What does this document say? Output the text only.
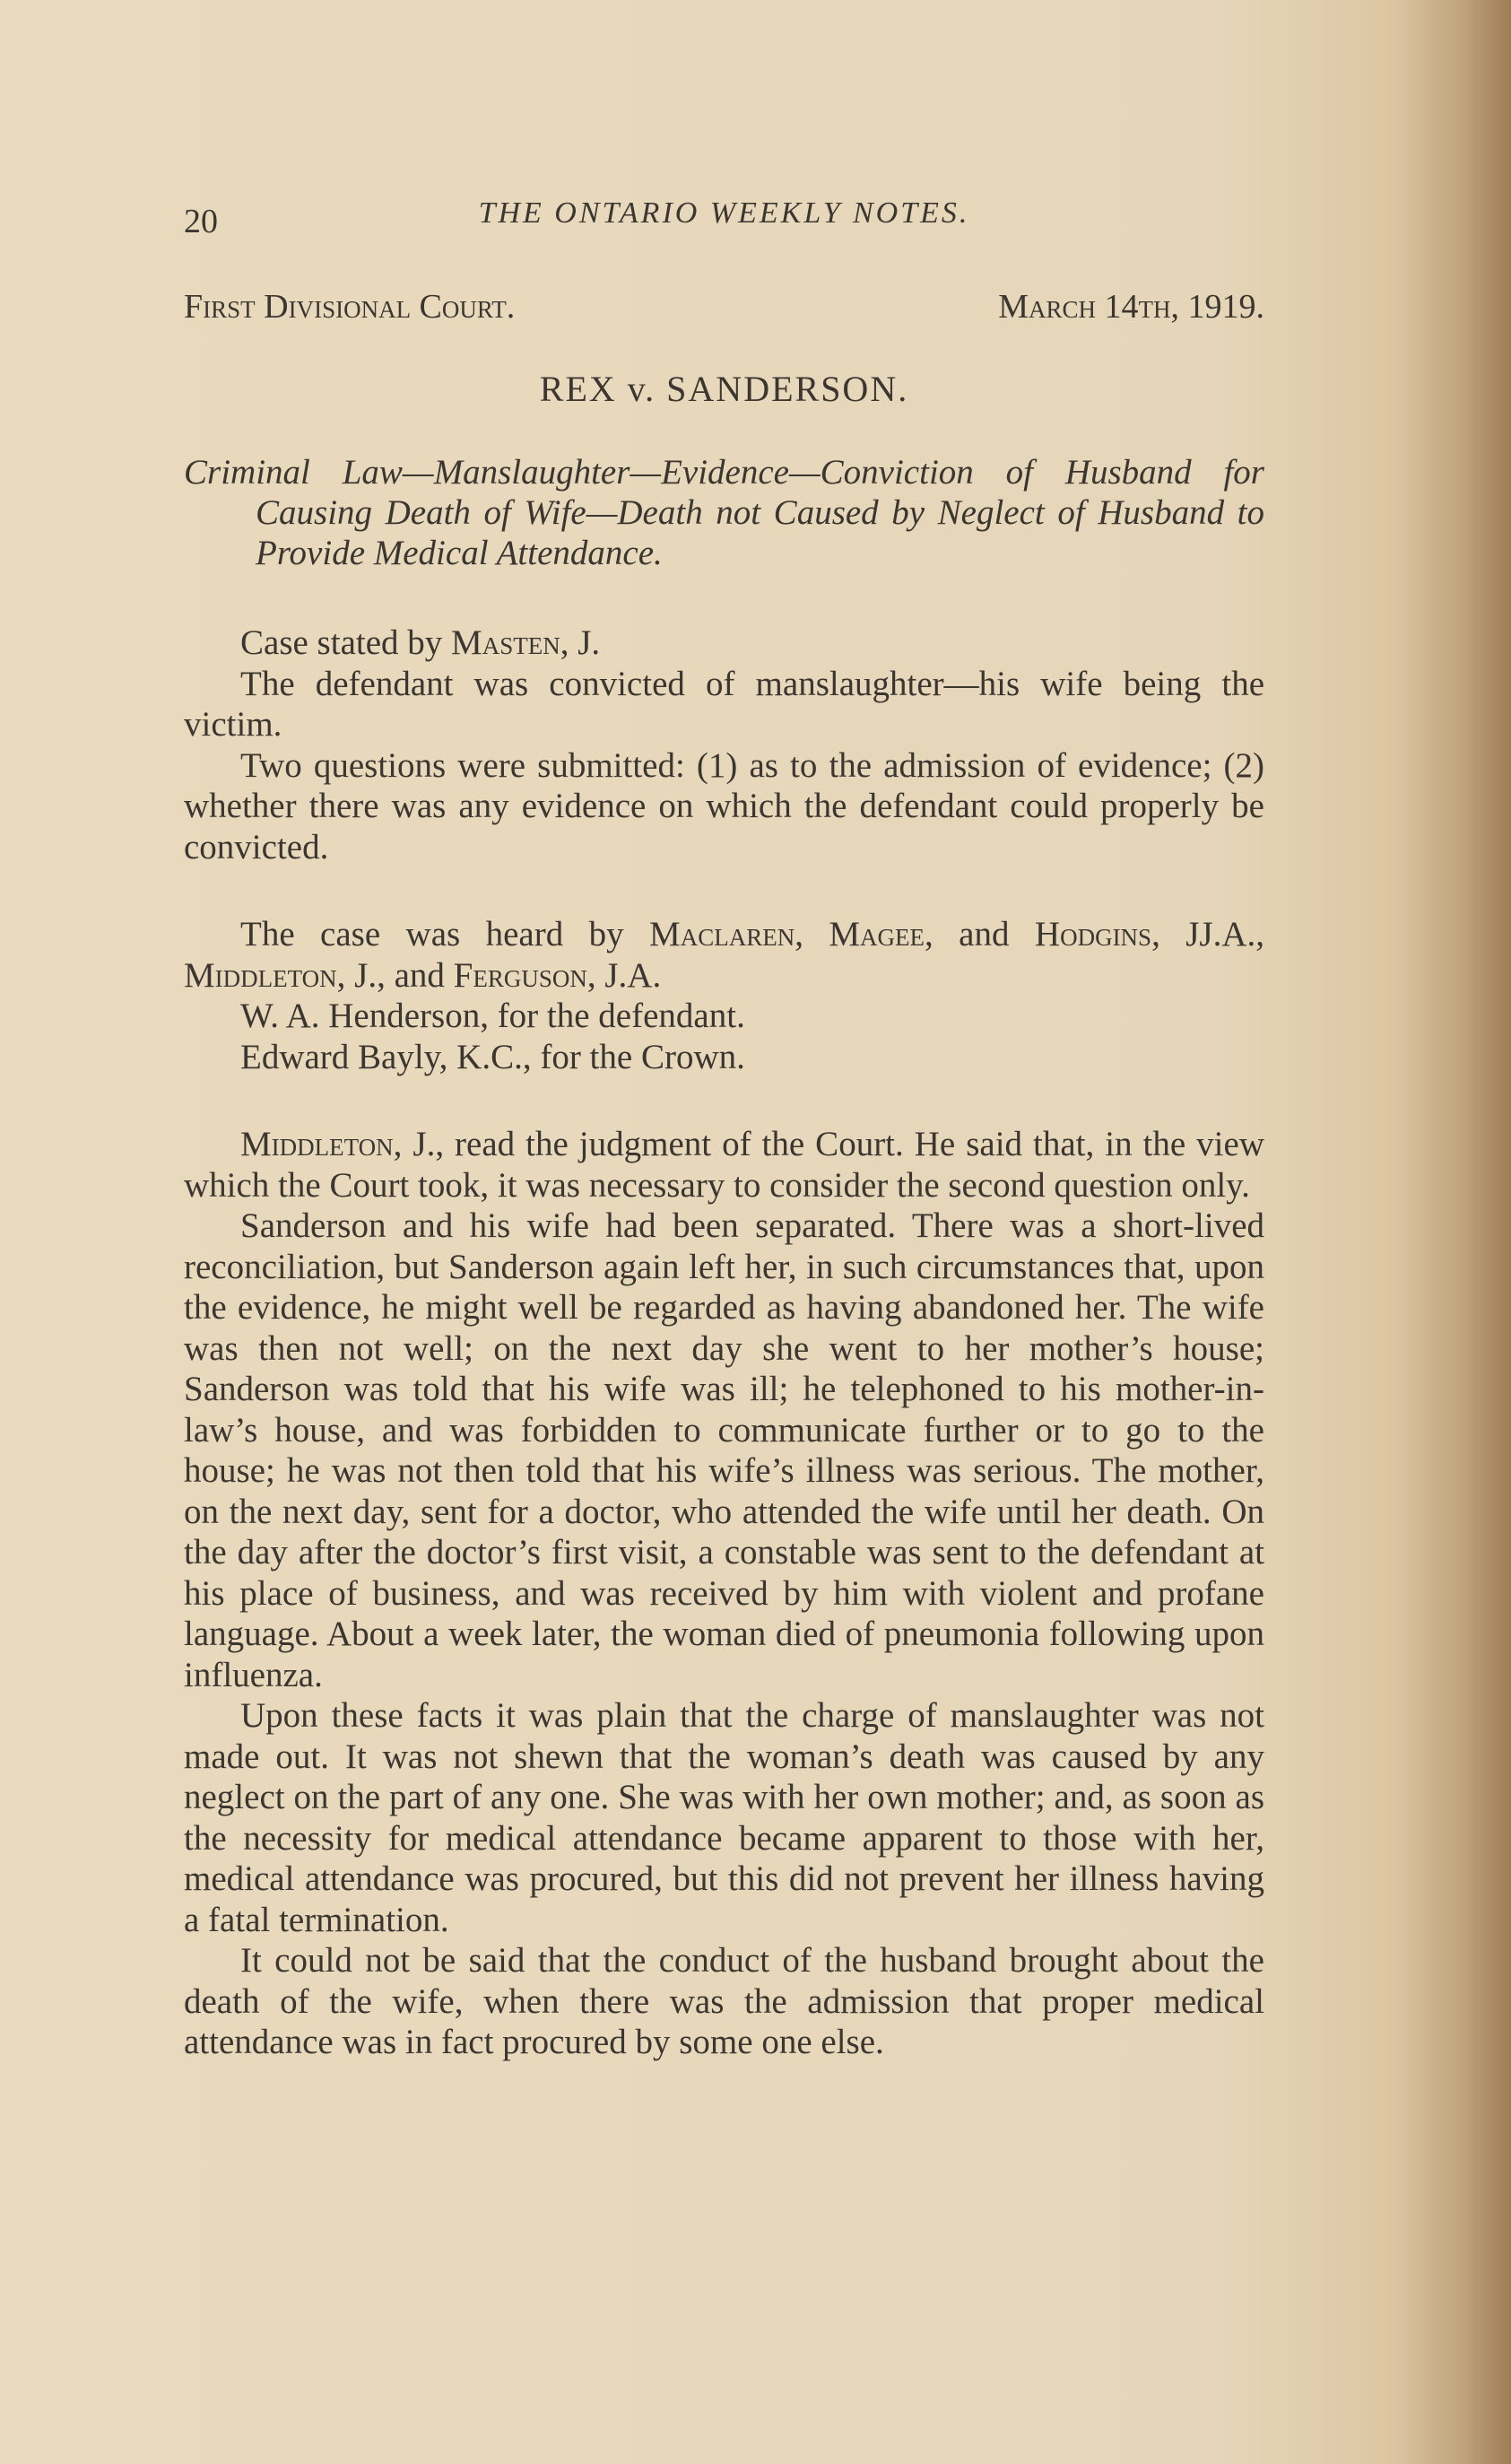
20	THE ONTARIO WEEKLY NOTES.
First Divisional Court.	March 14th, 1919.
REX v. SANDERSON.
Criminal Law—Manslaughter—Evidence—Conviction of Husband for Causing Death of Wife—Death not Caused by Neglect of Husband to Provide Medical Attendance.

Case stated by Masten, J.

The defendant was convicted of manslaughter—his wife being the victim.

Two questions were submitted: (1) as to the admission of evidence; (2) whether there was any evidence on which the defendant could properly be convicted.

The case was heard by Maclaren, Magee, and Hodgins, JJ.A., Middleton, J., and Ferguson, J.A.

W. A. Henderson, for the defendant.
Edward Bayly, K.C., for the Crown.

Middleton, J., read the judgment of the Court. He said that, in the view which the Court took, it was necessary to consider the second question only.

Sanderson and his wife had been separated. There was a short-lived reconciliation, but Sanderson again left her, in such circumstances that, upon the evidence, he might well be regarded as having abandoned her. The wife was then not well; on the next day she went to her mother’s house; Sanderson was told that his wife was ill; he telephoned to his mother-in-law’s house, and was forbidden to communicate further or to go to the house; he was not then told that his wife’s illness was serious. The mother, on the next day, sent for a doctor, who attended the wife until her death. On the day after the doctor’s first visit, a constable was sent to the defendant at his place of business, and was received by him with violent and profane language. About a week later, the woman died of pneumonia following upon influenza.

Upon these facts it was plain that the charge of manslaughter was not made out. It was not shewn that the woman’s death was caused by any neglect on the part of any one. She was with her own mother; and, as soon as the necessity for medical attendance became apparent to those with her, medical attendance was procured, but this did not prevent her illness having a fatal termination.

It could not be said that the conduct of the husband brought about the death of the wife, when there was the admission that proper medical attendance was in fact procured by some one else.
